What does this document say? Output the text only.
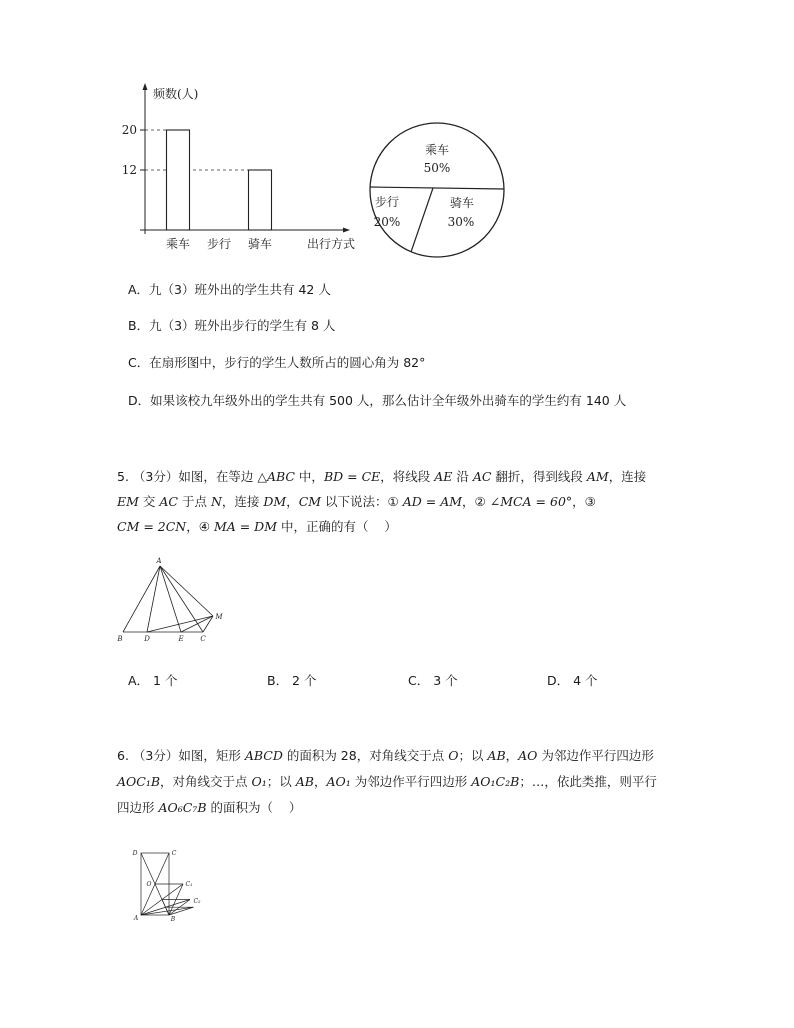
20
12
乘车 步行 骑车
频数(人)
出行方式
乘车
50%
步行
20%
骑车
30%
A．九（3）班外出的学生共有 42 人
B．九（3）班外出步行的学生有 8 人
C．在扇形图中，步行的学生人数所占的圆心角为 82°
D．如果该校九年级外出的学生共有 500 人，那么估计全年级外出骑车的学生约有 140 人
5. （3分）如图，在等边 △ABC 中，BD = CE，将线段 AE 沿 AC 翻折，得到线段 AM，连接
EM 交 AC 于点 N，连接 DM，CM 以下说法：① AD = AM，② ∠MCA = 60°，③
CM = 2CN，④ MA = DM 中，正确的有（    ）
A
B	D	E C
M
A． 1 个	B． 2 个	C． 3 个	D． 4 个
6. （3分）如图，矩形 ABCD 的面积为 28，对角线交于点 O；以 AB，AO 为邻边作平行四边形
AOC₁B，对角线交于点 O₁；以 AB，AO₁ 为邻边作平行四边形 AO₁C₂B；…，依此类推，则平行
四边形 AO₆C₇B 的面积为（    ）
D	C
O	C₁
C₂
A	B
